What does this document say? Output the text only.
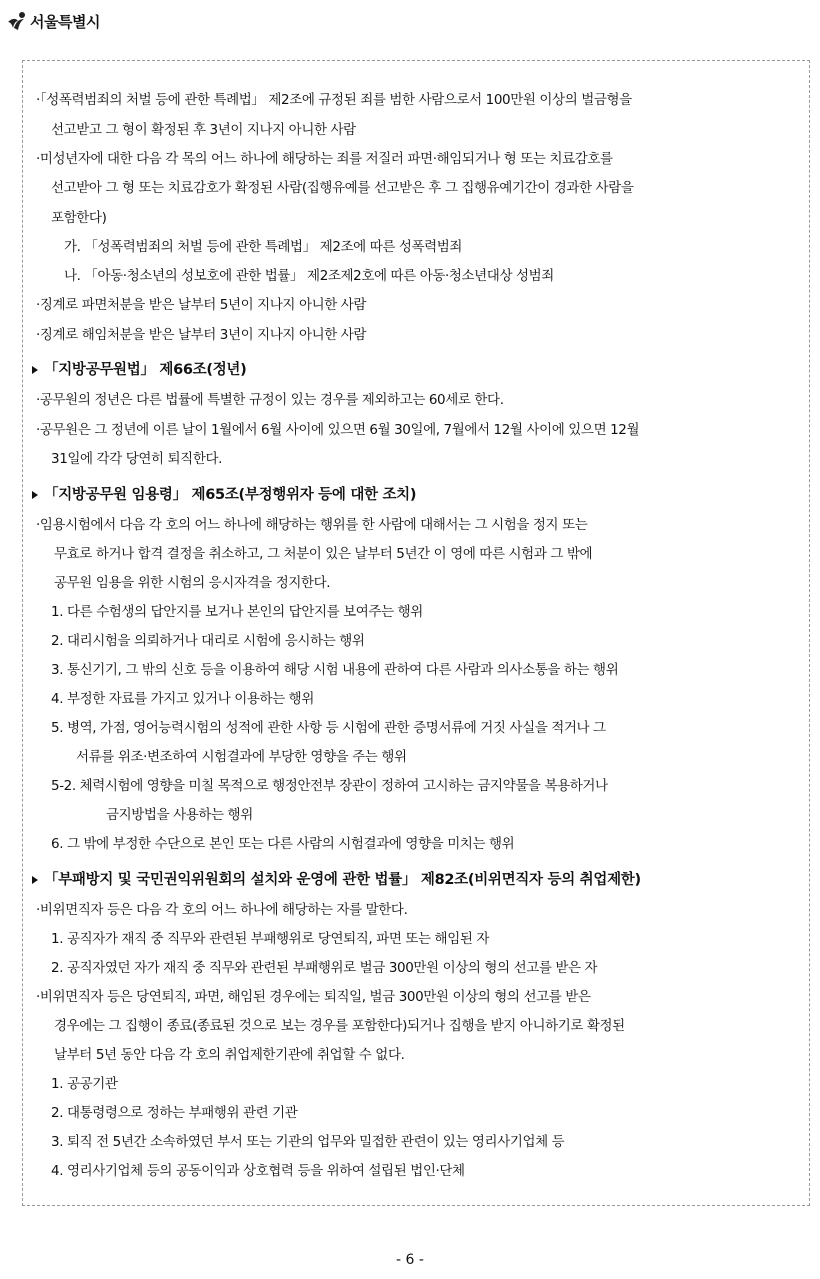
서울특별시
·「성폭력범죄의 처벌 등에 관한 특례법」 제2조에 규정된 죄를 범한 사람으로서 100만원 이상의 벌금형을
선고받고 그 형이 확정된 후 3년이 지나지 아니한 사람
·미성년자에 대한 다음 각 목의 어느 하나에 해당하는 죄를 저질러 파면·해임되거나 형 또는 치료감호를
선고받아 그 형 또는 치료감호가 확정된 사람(집행유예를 선고받은 후 그 집행유예기간이 경과한 사람을
포함한다)
가. 「성폭력범죄의 처벌 등에 관한 특례법」 제2조에 따른 성폭력범죄
나. 「아동·청소년의 성보호에 관한 법률」 제2조제2호에 따른 아동·청소년대상 성범죄
·징계로 파면처분을 받은 날부터 5년이 지나지 아니한 사람
·징계로 해임처분을 받은 날부터 3년이 지나지 아니한 사람
「지방공무원법」 제66조(정년)
·공무원의 정년은 다른 법률에 특별한 규정이 있는 경우를 제외하고는 60세로 한다.
·공무원은 그 정년에 이른 날이 1월에서 6월 사이에 있으면 6월 30일에, 7월에서 12월 사이에 있으면 12월
31일에 각각 당연히 퇴직한다.
「지방공무원 임용령」 제65조(부정행위자 등에 대한 조치)
·임용시험에서 다음 각 호의 어느 하나에 해당하는 행위를 한 사람에 대해서는 그 시험을 정지 또는
무효로 하거나 합격 결정을 취소하고, 그 처분이 있은 날부터 5년간 이 영에 따른 시험과 그 밖에
공무원 임용을 위한 시험의 응시자격을 정지한다.
1. 다른 수험생의 답안지를 보거나 본인의 답안지를 보여주는 행위
2. 대리시험을 의뢰하거나 대리로 시험에 응시하는 행위
3. 통신기기, 그 밖의 신호 등을 이용하여 해당 시험 내용에 관하여 다른 사람과 의사소통을 하는 행위
4. 부정한 자료를 가지고 있거나 이용하는 행위
5. 병역, 가점, 영어능력시험의 성적에 관한 사항 등 시험에 관한 증명서류에 거짓 사실을 적거나 그
서류를 위조·변조하여 시험결과에 부당한 영향을 주는 행위
5-2. 체력시험에 영향을 미칠 목적으로 행정안전부 장관이 정하여 고시하는 금지약물을 복용하거나
금지방법을 사용하는 행위
6. 그 밖에 부정한 수단으로 본인 또는 다른 사람의 시험결과에 영향을 미치는 행위
「부패방지 및 국민권익위원회의 설치와 운영에 관한 법률」 제82조(비위면직자 등의 취업제한)
·비위면직자 등은 다음 각 호의 어느 하나에 해당하는 자를 말한다.
1. 공직자가 재직 중 직무와 관련된 부패행위로 당연퇴직, 파면 또는 해임된 자
2. 공직자였던 자가 재직 중 직무와 관련된 부패행위로 벌금 300만원 이상의 형의 선고를 받은 자
·비위면직자 등은 당연퇴직, 파면, 해임된 경우에는 퇴직일, 벌금 300만원 이상의 형의 선고를 받은
경우에는 그 집행이 종료(종료된 것으로 보는 경우를 포함한다)되거나 집행을 받지 아니하기로 확정된
날부터 5년 동안 다음 각 호의 취업제한기관에 취업할 수 없다.
1. 공공기관
2. 대통령령으로 정하는 부패행위 관련 기관
3. 퇴직 전 5년간 소속하였던 부서 또는 기관의 업무와 밀접한 관련이 있는 영리사기업체 등
4. 영리사기업체 등의 공동이익과 상호협력 등을 위하여 설립된 법인·단체
- 6 -
